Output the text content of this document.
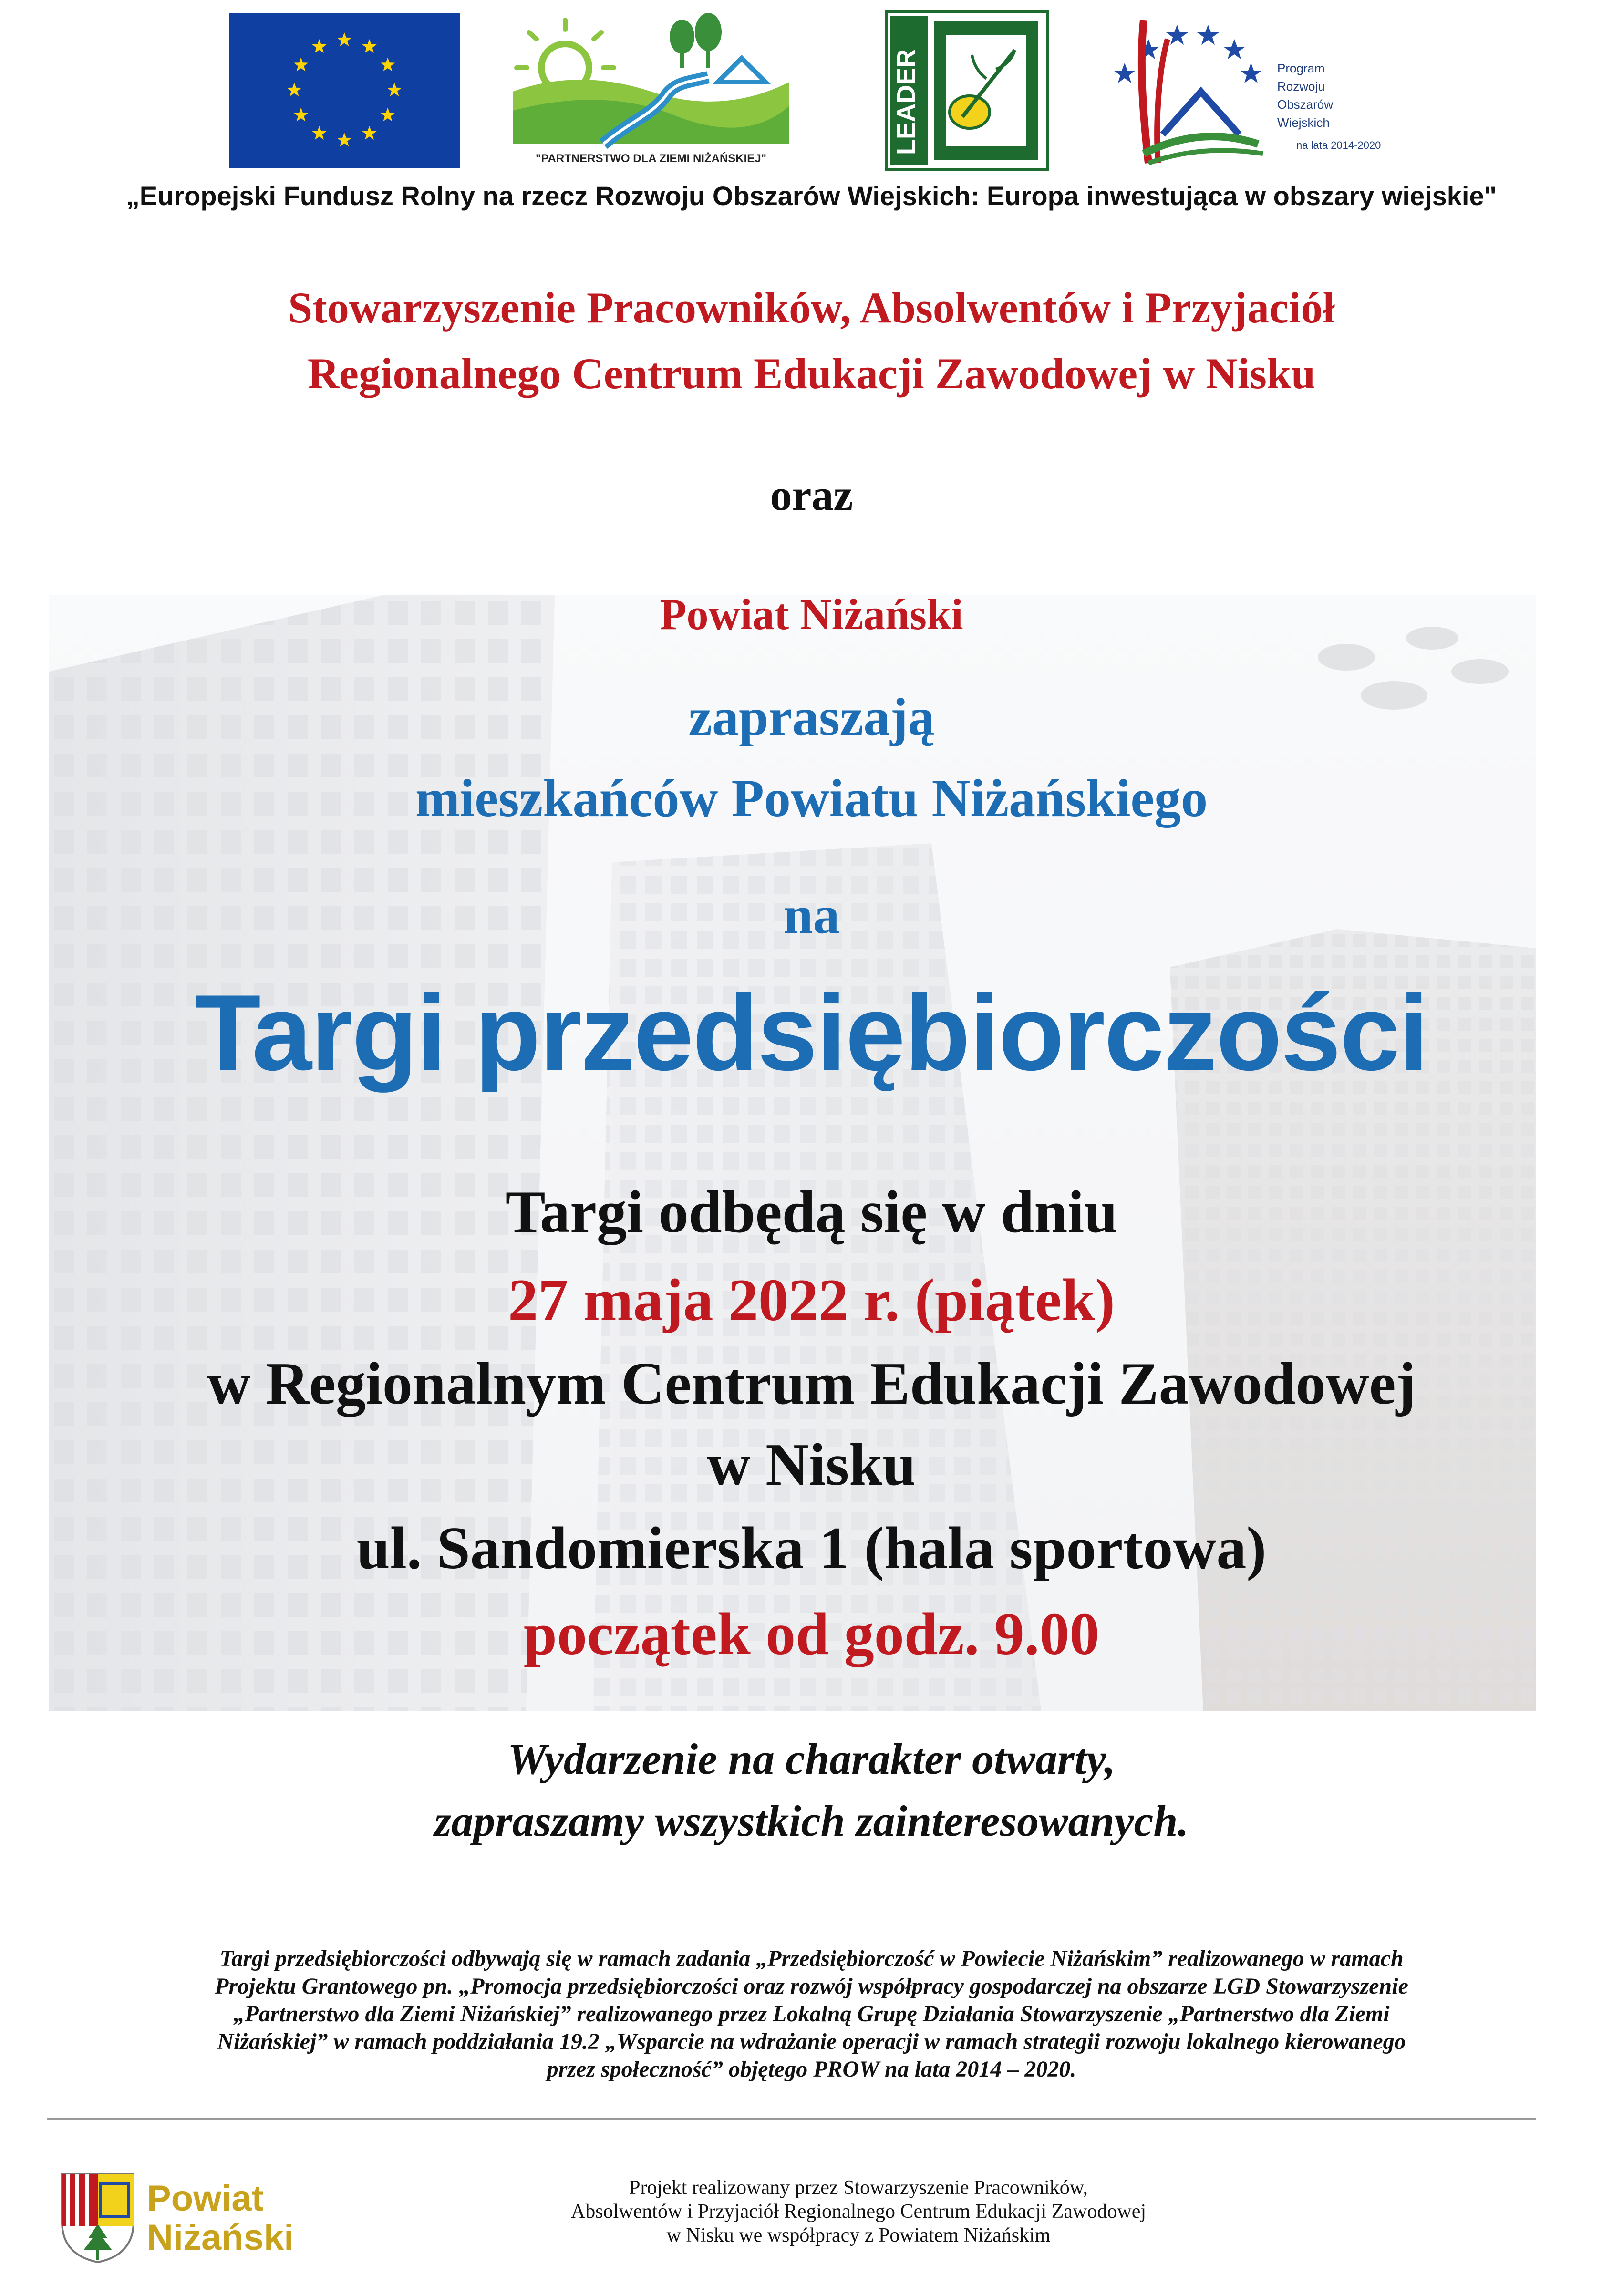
"PARTNERSTWO DLA ZIEMI NIŻAŃSKIEJ"
LEADER	Program
Rozwoju
Obszarów
Wiejskich
na lata 2014-2020
„Europejski Fundusz Rolny na rzecz Rozwoju Obszarów Wiejskich: Europa inwestująca w obszary wiejskie"
Stowarzyszenie Pracowników, Absolwentów i Przyjaciół
Regionalnego Centrum Edukacji Zawodowej w Nisku
oraz
Powiat Niżański
zapraszają
mieszkańców Powiatu Niżańskiego
na
Targi przedsiębiorczości
Targi odbędą się w dniu
27 maja 2022 r. (piątek)
w Regionalnym Centrum Edukacji Zawodowej
w Nisku
ul. Sandomierska 1 (hala sportowa)
początek od godz. 9.00
Wydarzenie na charakter otwarty,
zapraszamy wszystkich zainteresowanych.
Targi przedsiębiorczości odbywają się w ramach zadania „Przedsiębiorczość w Powiecie Niżańskim” realizowanego w ramach
Projektu Grantowego pn. „Promocja przedsiębiorczości oraz rozwój współpracy gospodarczej na obszarze LGD Stowarzyszenie
„Partnerstwo dla Ziemi Niżańskiej” realizowanego przez Lokalną Grupę Działania Stowarzyszenie „Partnerstwo dla Ziemi
Niżańskiej” w ramach poddziałania 19.2 „Wsparcie na wdrażanie operacji w ramach strategii rozwoju lokalnego kierowanego
przez społeczność” objętego PROW na lata 2014 – 2020.
Powiat
Niżański
Projekt realizowany przez Stowarzyszenie Pracowników,
Absolwentów i Przyjaciół Regionalnego Centrum Edukacji Zawodowej
w Nisku we współpracy z Powiatem Niżańskim
